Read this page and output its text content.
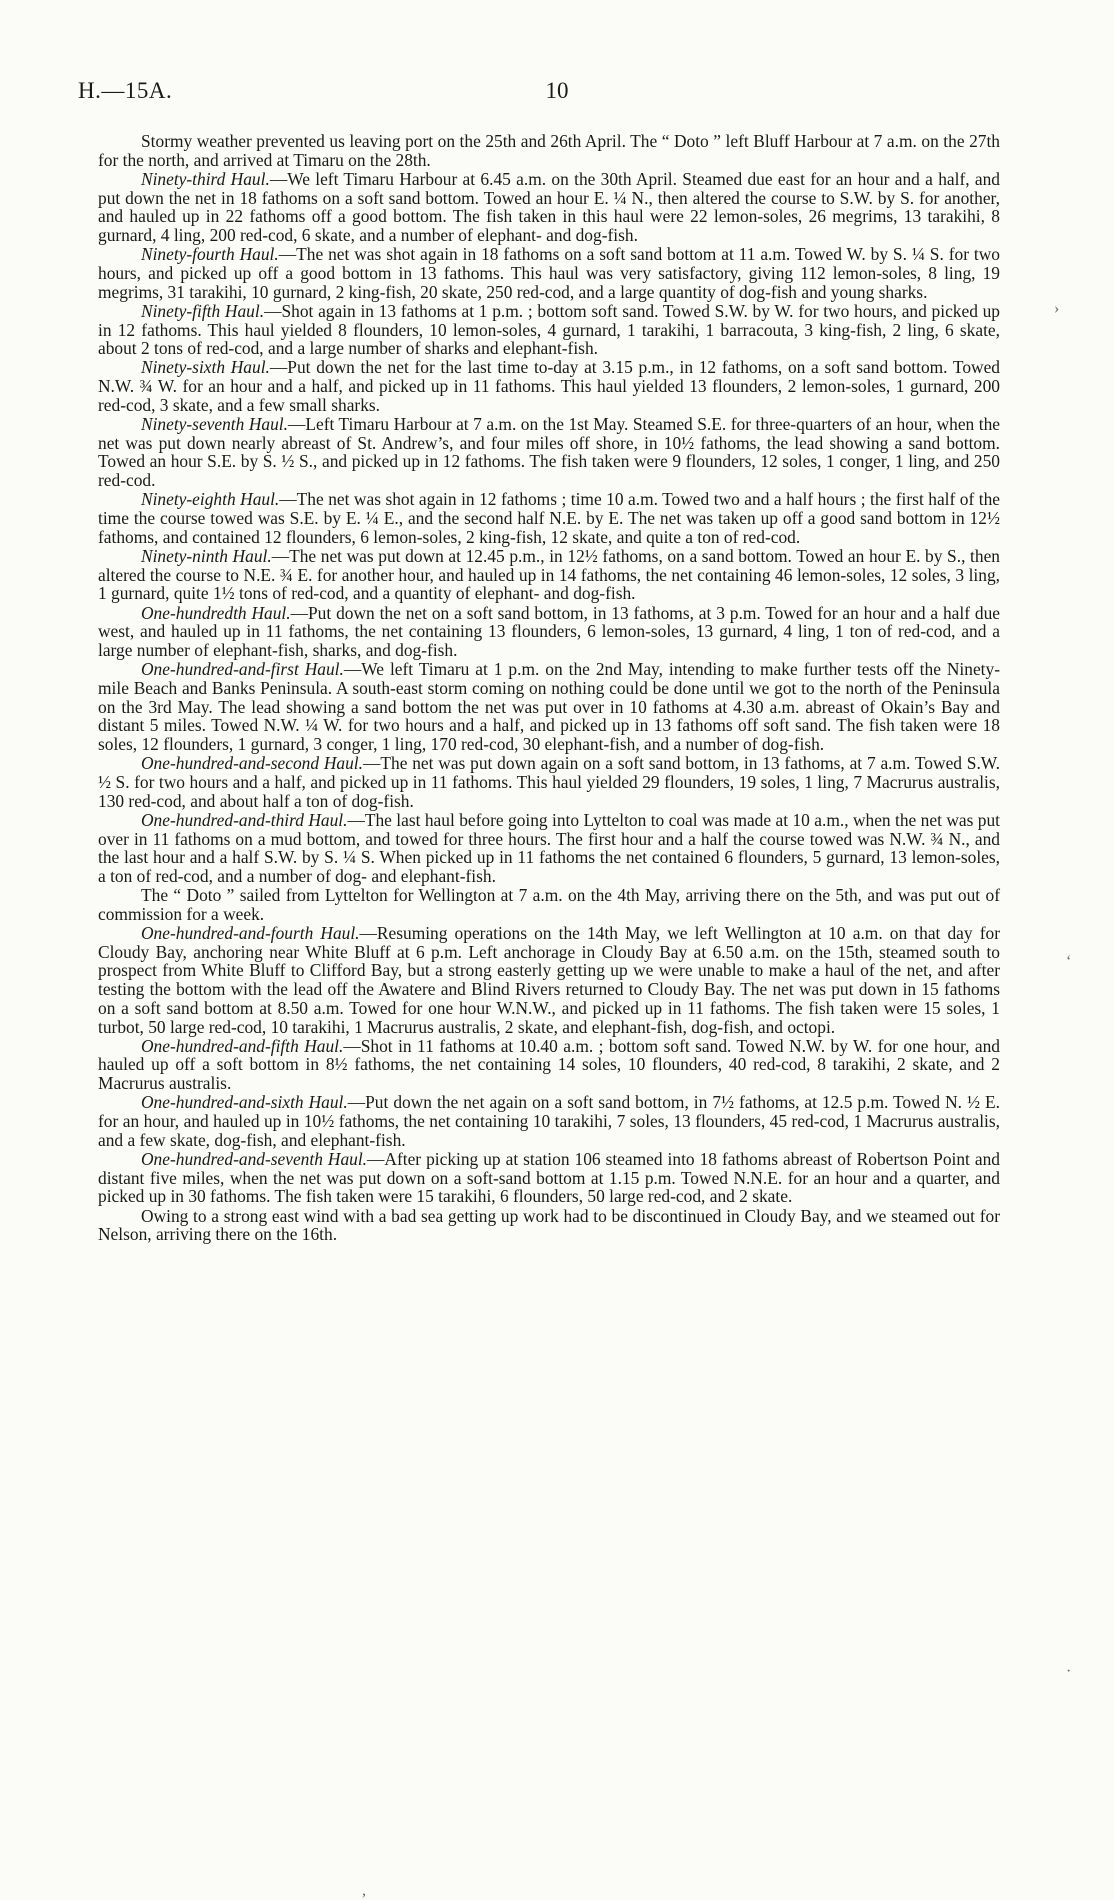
H.—15A.	10

Stormy weather prevented us leaving port on the 25th and 26th April. The “ Doto ” left Bluff Harbour at 7 a.m. on the 27th for the north, and arrived at Timaru on the 28th.

Ninety-third Haul.—We left Timaru Harbour at 6.45 a.m. on the 30th April. Steamed due east for an hour and a half, and put down the net in 18 fathoms on a soft sand bottom. Towed an hour E. ¼ N., then altered the course to S.W. by S. for another, and hauled up in 22 fathoms off a good bottom. The fish taken in this haul were 22 lemon-soles, 26 megrims, 13 tarakihi, 8 gurnard, 4 ling, 200 red-cod, 6 skate, and a number of elephant- and dog-fish.

Ninety-fourth Haul.—The net was shot again in 18 fathoms on a soft sand bottom at 11 a.m. Towed W. by S. ¼ S. for two hours, and picked up off a good bottom in 13 fathoms. This haul was very satisfactory, giving 112 lemon-soles, 8 ling, 19 megrims, 31 tarakihi, 10 gurnard, 2 king-fish, 20 skate, 250 red-cod, and a large quantity of dog-fish and young sharks.

Ninety-fifth Haul.—Shot again in 13 fathoms at 1 p.m. ; bottom soft sand. Towed S.W. by W. for two hours, and picked up in 12 fathoms. This haul yielded 8 flounders, 10 lemon-soles, 4 gurnard, 1 tarakihi, 1 barracouta, 3 king-fish, 2 ling, 6 skate, about 2 tons of red-cod, and a large number of sharks and elephant-fish.

Ninety-sixth Haul.—Put down the net for the last time to-day at 3.15 p.m., in 12 fathoms, on a soft sand bottom. Towed N.W. ¾ W. for an hour and a half, and picked up in 11 fathoms. This haul yielded 13 flounders, 2 lemon-soles, 1 gurnard, 200 red-cod, 3 skate, and a few small sharks.

Ninety-seventh Haul.—Left Timaru Harbour at 7 a.m. on the 1st May. Steamed S.E. for three-quarters of an hour, when the net was put down nearly abreast of St. Andrew’s, and four miles off shore, in 10½ fathoms, the lead showing a sand bottom. Towed an hour S.E. by S. ½ S., and picked up in 12 fathoms. The fish taken were 9 flounders, 12 soles, 1 conger, 1 ling, and 250 red-cod.

Ninety-eighth Haul.—The net was shot again in 12 fathoms ; time 10 a.m. Towed two and a half hours ; the first half of the time the course towed was S.E. by E. ¼ E., and the second half N.E. by E. The net was taken up off a good sand bottom in 12½ fathoms, and contained 12 flounders, 6 lemon-soles, 2 king-fish, 12 skate, and quite a ton of red-cod.

Ninety-ninth Haul.—The net was put down at 12.45 p.m., in 12½ fathoms, on a sand bottom. Towed an hour E. by S., then altered the course to N.E. ¾ E. for another hour, and hauled up in 14 fathoms, the net containing 46 lemon-soles, 12 soles, 3 ling, 1 gurnard, quite 1½ tons of red-cod, and a quantity of elephant- and dog-fish.

One-hundredth Haul.—Put down the net on a soft sand bottom, in 13 fathoms, at 3 p.m. Towed for an hour and a half due west, and hauled up in 11 fathoms, the net containing 13 flounders, 6 lemon-soles, 13 gurnard, 4 ling, 1 ton of red-cod, and a large number of elephant-fish, sharks, and dog-fish.

One-hundred-and-first Haul.—We left Timaru at 1 p.m. on the 2nd May, intending to make further tests off the Ninety-mile Beach and Banks Peninsula. A south-east storm coming on nothing could be done until we got to the north of the Peninsula on the 3rd May. The lead showing a sand bottom the net was put over in 10 fathoms at 4.30 a.m. abreast of Okain’s Bay and distant 5 miles. Towed N.W. ¼ W. for two hours and a half, and picked up in 13 fathoms off soft sand. The fish taken were 18 soles, 12 flounders, 1 gurnard, 3 conger, 1 ling, 170 red-cod, 30 elephant-fish, and a number of dog-fish.

One-hundred-and-second Haul.—The net was put down again on a soft sand bottom, in 13 fathoms, at 7 a.m. Towed S.W. ½ S. for two hours and a half, and picked up in 11 fathoms. This haul yielded 29 flounders, 19 soles, 1 ling, 7 Macrurus australis, 130 red-cod, and about half a ton of dog-fish.

One-hundred-and-third Haul.—The last haul before going into Lyttelton to coal was made at 10 a.m., when the net was put over in 11 fathoms on a mud bottom, and towed for three hours. The first hour and a half the course towed was N.W. ¾ N., and the last hour and a half S.W. by S. ¼ S. When picked up in 11 fathoms the net contained 6 flounders, 5 gurnard, 13 lemon-soles, a ton of red-cod, and a number of dog- and elephant-fish.

The “ Doto ” sailed from Lyttelton for Wellington at 7 a.m. on the 4th May, arriving there on the 5th, and was put out of commission for a week.

One-hundred-and-fourth Haul.—Resuming operations on the 14th May, we left Wellington at 10 a.m. on that day for Cloudy Bay, anchoring near White Bluff at 6 p.m. Left anchorage in Cloudy Bay at 6.50 a.m. on the 15th, steamed south to prospect from White Bluff to Clifford Bay, but a strong easterly getting up we were unable to make a haul of the net, and after testing the bottom with the lead off the Awatere and Blind Rivers returned to Cloudy Bay. The net was put down in 15 fathoms on a soft sand bottom at 8.50 a.m. Towed for one hour W.N.W., and picked up in 11 fathoms. The fish taken were 15 soles, 1 turbot, 50 large red-cod, 10 tarakihi, 1 Macrurus australis, 2 skate, and elephant-fish, dog-fish, and octopi.

One-hundred-and-fifth Haul.—Shot in 11 fathoms at 10.40 a.m. ; bottom soft sand. Towed N.W. by W. for one hour, and hauled up off a soft bottom in 8½ fathoms, the net containing 14 soles, 10 flounders, 40 red-cod, 8 tarakihi, 2 skate, and 2 Macrurus australis.

One-hundred-and-sixth Haul.—Put down the net again on a soft sand bottom, in 7½ fathoms, at 12.5 p.m. Towed N. ½ E. for an hour, and hauled up in 10½ fathoms, the net containing 10 tarakihi, 7 soles, 13 flounders, 45 red-cod, 1 Macrurus australis, and a few skate, dog-fish, and elephant-fish.

One-hundred-and-seventh Haul.—After picking up at station 106 steamed into 18 fathoms abreast of Robertson Point and distant five miles, when the net was put down on a soft-sand bottom at 1.15 p.m. Towed N.N.E. for an hour and a quarter, and picked up in 30 fathoms. The fish taken were 15 tarakihi, 6 flounders, 50 large red-cod, and 2 skate.

Owing to a strong east wind with a bad sea getting up work had to be discontinued in Cloudy Bay, and we steamed out for Nelson, arriving there on the 16th.

›
‘
·
,
